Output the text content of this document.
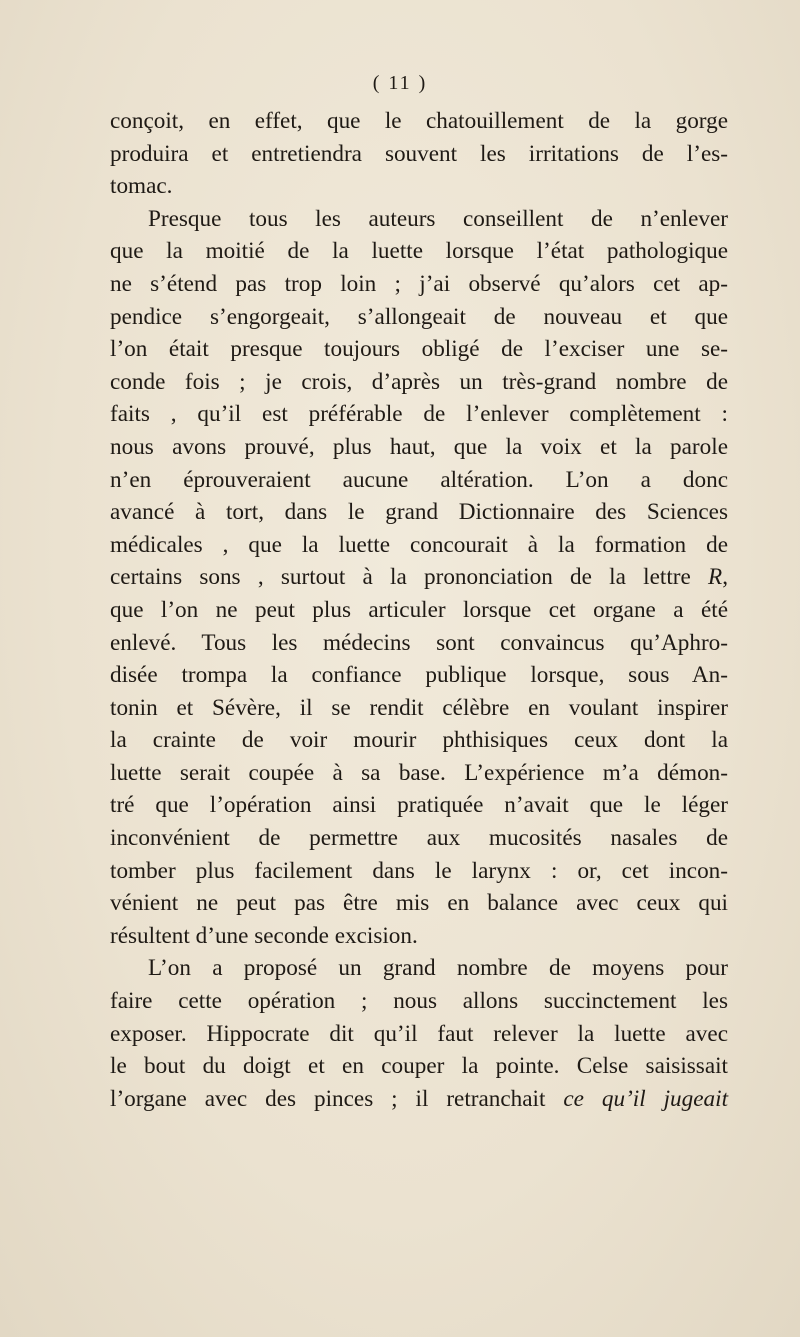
( 11 )
conçoit, en effet, que le chatouillement de la gorge
produira et entretiendra souvent les irritations de l’es-
tomac.
Presque tous les auteurs conseillent de n’enlever
que la moitié de la luette lorsque l’état pathologique
ne s’étend pas trop loin ; j’ai observé qu’alors cet ap-
pendice s’engorgeait, s’allongeait de nouveau et que
l’on était presque toujours obligé de l’exciser une se-
conde fois ; je crois, d’après un très-grand nombre de
faits , qu’il est préférable de l’enlever complètement :
nous avons prouvé, plus haut, que la voix et la parole
n’en éprouveraient aucune altération. L’on a donc
avancé à tort, dans le grand Dictionnaire des Sciences
médicales , que la luette concourait à la formation de
certains sons , surtout à la prononciation de la lettre R,
que l’on ne peut plus articuler lorsque cet organe a été
enlevé. Tous les médecins sont convaincus qu’Aphro-
disée trompa la confiance publique lorsque, sous An-
tonin et Sévère, il se rendit célèbre en voulant inspirer
la crainte de voir mourir phthisiques ceux dont la
luette serait coupée à sa base. L’expérience m’a démon-
tré que l’opération ainsi pratiquée n’avait que le léger
inconvénient de permettre aux mucosités nasales de
tomber plus facilement dans le larynx : or, cet incon-
vénient ne peut pas être mis en balance avec ceux qui
résultent d’une seconde excision.
L’on a proposé un grand nombre de moyens pour
faire cette opération ; nous allons succinctement les
exposer. Hippocrate dit qu’il faut relever la luette avec
le bout du doigt et en couper la pointe. Celse saisissait
l’organe avec des pinces ; il retranchait ce qu’il jugeait
